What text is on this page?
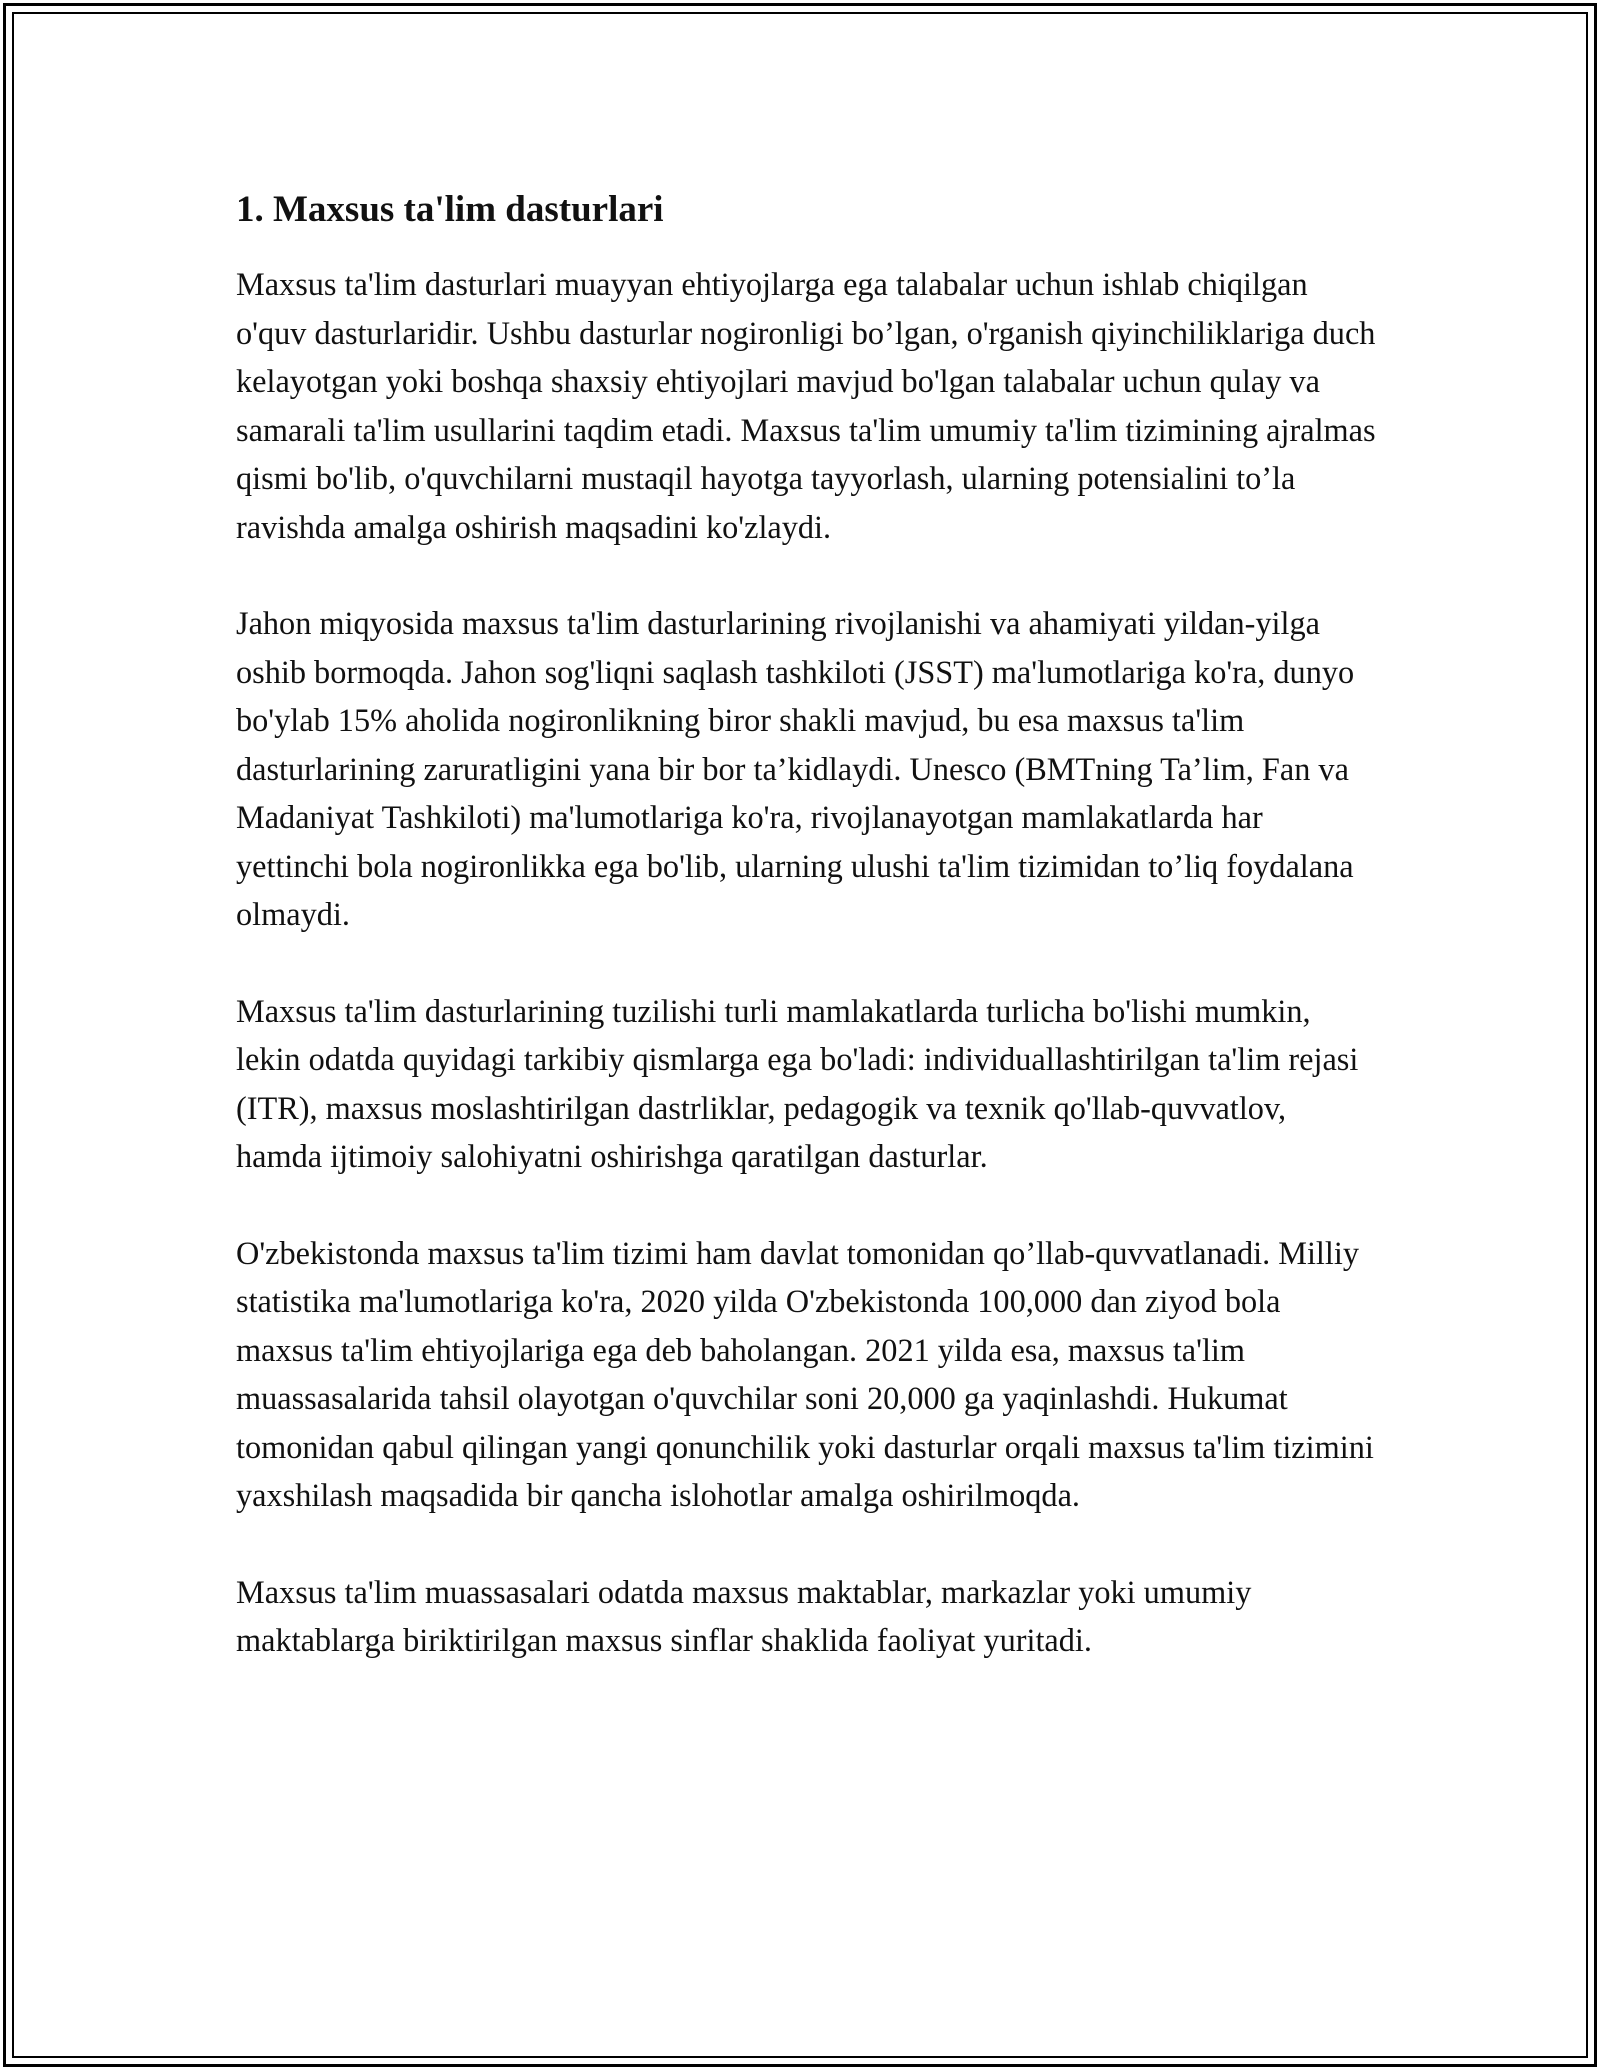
1. Maxsus ta'lim dasturlari

Maxsus ta'lim dasturlari muayyan ehtiyojlarga ega talabalar uchun ishlab chiqilgan o'quv dasturlaridir. Ushbu dasturlar nogironligi bo’lgan, o'rganish qiyinchiliklariga duch kelayotgan yoki boshqa shaxsiy ehtiyojlari mavjud bo'lgan talabalar uchun qulay va samarali ta'lim usullarini taqdim etadi. Maxsus ta'lim umumiy ta'lim tizimining ajralmas qismi bo'lib, o'quvchilarni mustaqil hayotga tayyorlash, ularning potensialini to’la ravishda amalga oshirish maqsadini ko'zlaydi.

Jahon miqyosida maxsus ta'lim dasturlarining rivojlanishi va ahamiyati yildan-yilga oshib bormoqda. Jahon sog'liqni saqlash tashkiloti (JSST) ma'lumotlariga ko'ra, dunyo bo'ylab 15% aholida nogironlikning biror shakli mavjud, bu esa maxsus ta'lim dasturlarining zaruratligini yana bir bor ta’kidlaydi. Unesco (BMTning Ta’lim, Fan va Madaniyat Tashkiloti) ma'lumotlariga ko'ra, rivojlanayotgan mamlakatlarda har yettinchi bola nogironlikka ega bo'lib, ularning ulushi ta'lim tizimidan to’liq foydalana olmaydi.

Maxsus ta'lim dasturlarining tuzilishi turli mamlakatlarda turlicha bo'lishi mumkin, lekin odatda quyidagi tarkibiy qismlarga ega bo'ladi: individuallashtirilgan ta'lim rejasi (ITR), maxsus moslashtirilgan dastrliklar, pedagogik va texnik qo'llab-quvvatlov, hamda ijtimoiy salohiyatni oshirishga qaratilgan dasturlar.

O'zbekistonda maxsus ta'lim tizimi ham davlat tomonidan qo’llab-quvvatlanadi. Milliy statistika ma'lumotlariga ko'ra, 2020 yilda O'zbekistonda 100,000 dan ziyod bola maxsus ta'lim ehtiyojlariga ega deb baholangan. 2021 yilda esa, maxsus ta'lim muassasalarida tahsil olayotgan o'quvchilar soni 20,000 ga yaqinlashdi. Hukumat tomonidan qabul qilingan yangi qonunchilik yoki dasturlar orqali maxsus ta'lim tizimini yaxshilash maqsadida bir qancha islohotlar amalga oshirilmoqda.

Maxsus ta'lim muassasalari odatda maxsus maktablar, markazlar yoki umumiy maktablarga biriktirilgan maxsus sinflar shaklida faoliyat yuritadi.
